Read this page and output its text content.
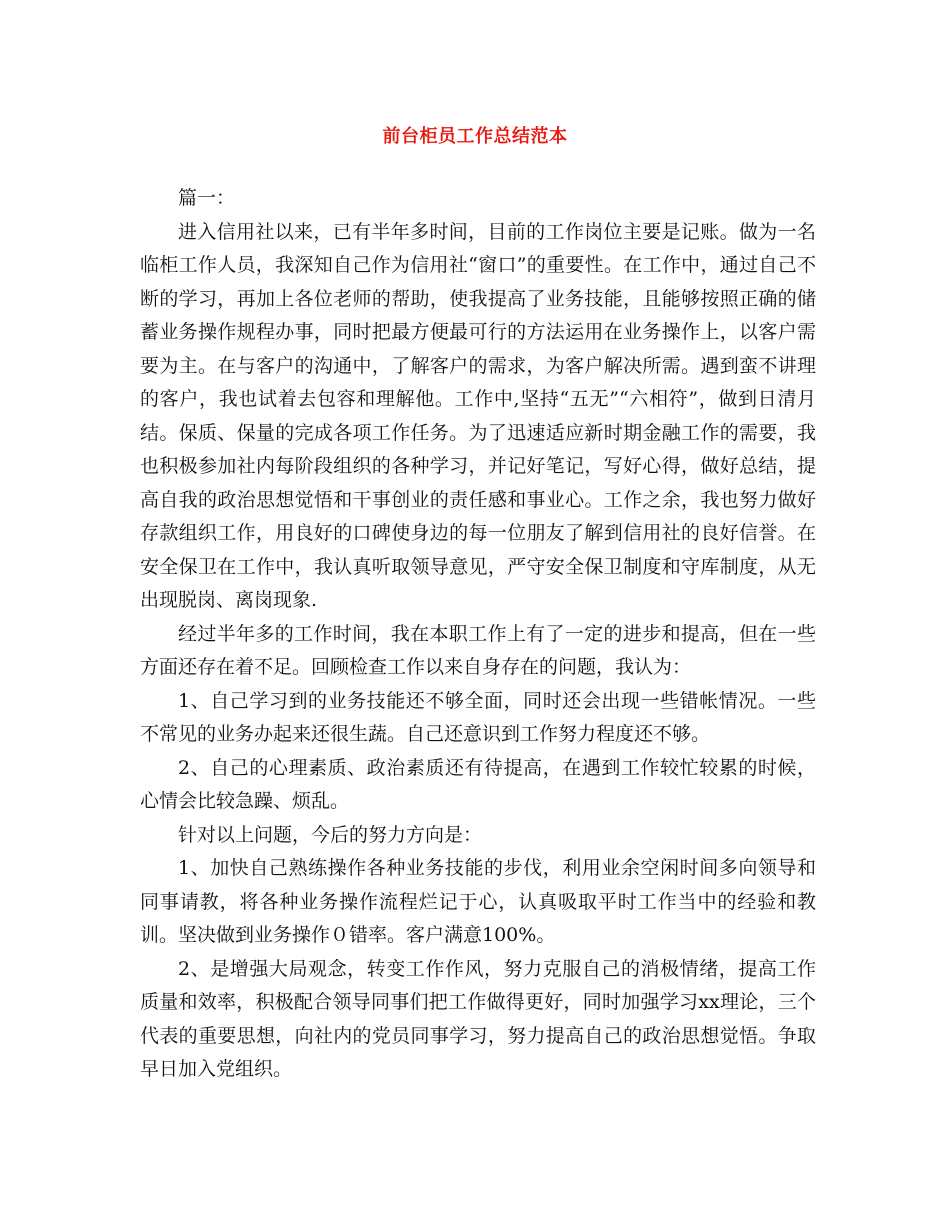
前台柜员工作总结范本

篇一：

进入信用社以来，已有半年多时间，目前的工作岗位主要是记账。做为一名临柜工作人员，我深知自己作为信用社“窗口”的重要性。在工作中，通过自己不断的学习，再加上各位老师的帮助，使我提高了业务技能，且能够按照正确的储蓄业务操作规程办事，同时把最方便最可行的方法运用在业务操作上，以客户需要为主。在与客户的沟通中，了解客户的需求，为客户解决所需。遇到蛮不讲理的客户，我也试着去包容和理解他。工作中,坚持“五无”“六相符”，做到日清月结。保质、保量的完成各项工作任务。为了迅速适应新时期金融工作的需要，我也积极参加社内每阶段组织的各种学习，并记好笔记，写好心得，做好总结，提高自我的政治思想觉悟和干事创业的责任感和事业心。工作之余，我也努力做好存款组织工作，用良好的口碑使身边的每一位朋友了解到信用社的良好信誉。在安全保卫在工作中，我认真听取领导意见，严守安全保卫制度和守库制度，从无出现脱岗、离岗现象.

经过半年多的工作时间，我在本职工作上有了一定的进步和提高，但在一些方面还存在着不足。回顾检查工作以来自身存在的问题，我认为：

1、自己学习到的业务技能还不够全面，同时还会出现一些错帐情况。一些不常见的业务办起来还很生蔬。自己还意识到工作努力程度还不够。

2、自己的心理素质、政治素质还有待提高，在遇到工作较忙较累的时候，心情会比较急躁、烦乱。

针对以上问题，今后的努力方向是：

1、加快自己熟练操作各种业务技能的步伐，利用业余空闲时间多向领导和同事请教，将各种业务操作流程烂记于心，认真吸取平时工作当中的经验和教训。坚决做到业务操作０错率。客户满意100%。

2、是增强大局观念，转变工作作风，努力克服自己的消极情绪，提高工作质量和效率，积极配合领导同事们把工作做得更好，同时加强学习xx理论，三个代表的重要思想，向社内的党员同事学习，努力提高自己的政治思想觉悟。争取早日加入党组织。
